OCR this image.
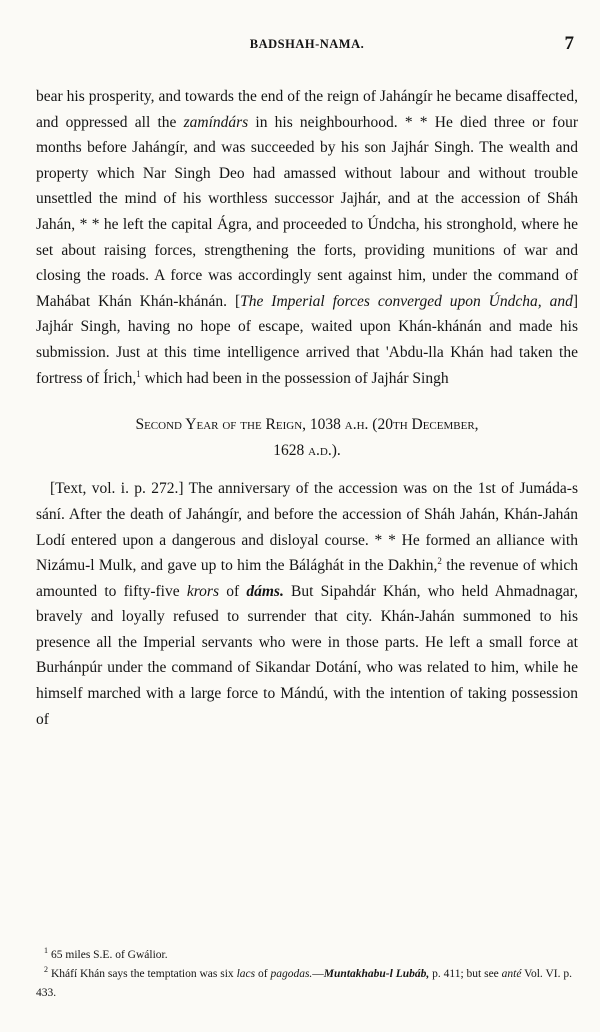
BADSHAH-NAMA.	7

bear his prosperity, and towards the end of the reign of Jahángír he became disaffected, and oppressed all the zamíndárs in his neighbourhood. * * He died three or four months before Jahángír, and was succeeded by his son Jajhár Singh. The wealth and property which Nar Singh Deo had amassed without labour and without trouble unsettled the mind of his worthless successor Jajhár, and at the accession of Sháh Jahán, * * he left the capital Ágra, and proceeded to Úndcha, his stronghold, where he set about raising forces, strengthening the forts, providing munitions of war and closing the roads. A force was accordingly sent against him, under the command of Mahábat Khán Khán-khánán. [The Imperial forces converged upon Úndcha, and] Jajhár Singh, having no hope of escape, waited upon Khán-khánán and made his submission. Just at this time intelligence arrived that 'Abdu-lla Khán had taken the fortress of Írich,$^1$ which had been in the possession of Jajhár Singh

Second Year of the Reign, 1038 a.h. (20th December,
1628 a.d.).

[Text, vol. i. p. 272.] The anniversary of the accession was on the 1st of Jumáda-s sání. After the death of Jahángír, and before the accession of Sháh Jahán, Khán-Jahán Lodí entered upon a dangerous and disloyal course. * * He formed an alliance with Nizámu-l Mulk, and gave up to him the Bálághát in the Dakhin,$^2$ the revenue of which amounted to fifty-five krors of dáms. But Sipahdár Khán, who held Ahmadnagar, bravely and loyally refused to surrender that city. Khán-Jahán summoned to his presence all the Imperial servants who were in those parts. He left a small force at Burhánpúr under the command of Sikandar Dotání, who was related to him, while he himself marched with a large force to Mándú, with the intention of taking possession of

$^1$ 65 miles S.E. of Gwálior.

$^2$ Kháfí Khán says the temptation was six lacs of pagodas.—Muntakhabu-l Lubáb, p. 411; but see anté Vol. VI. p. 433.
